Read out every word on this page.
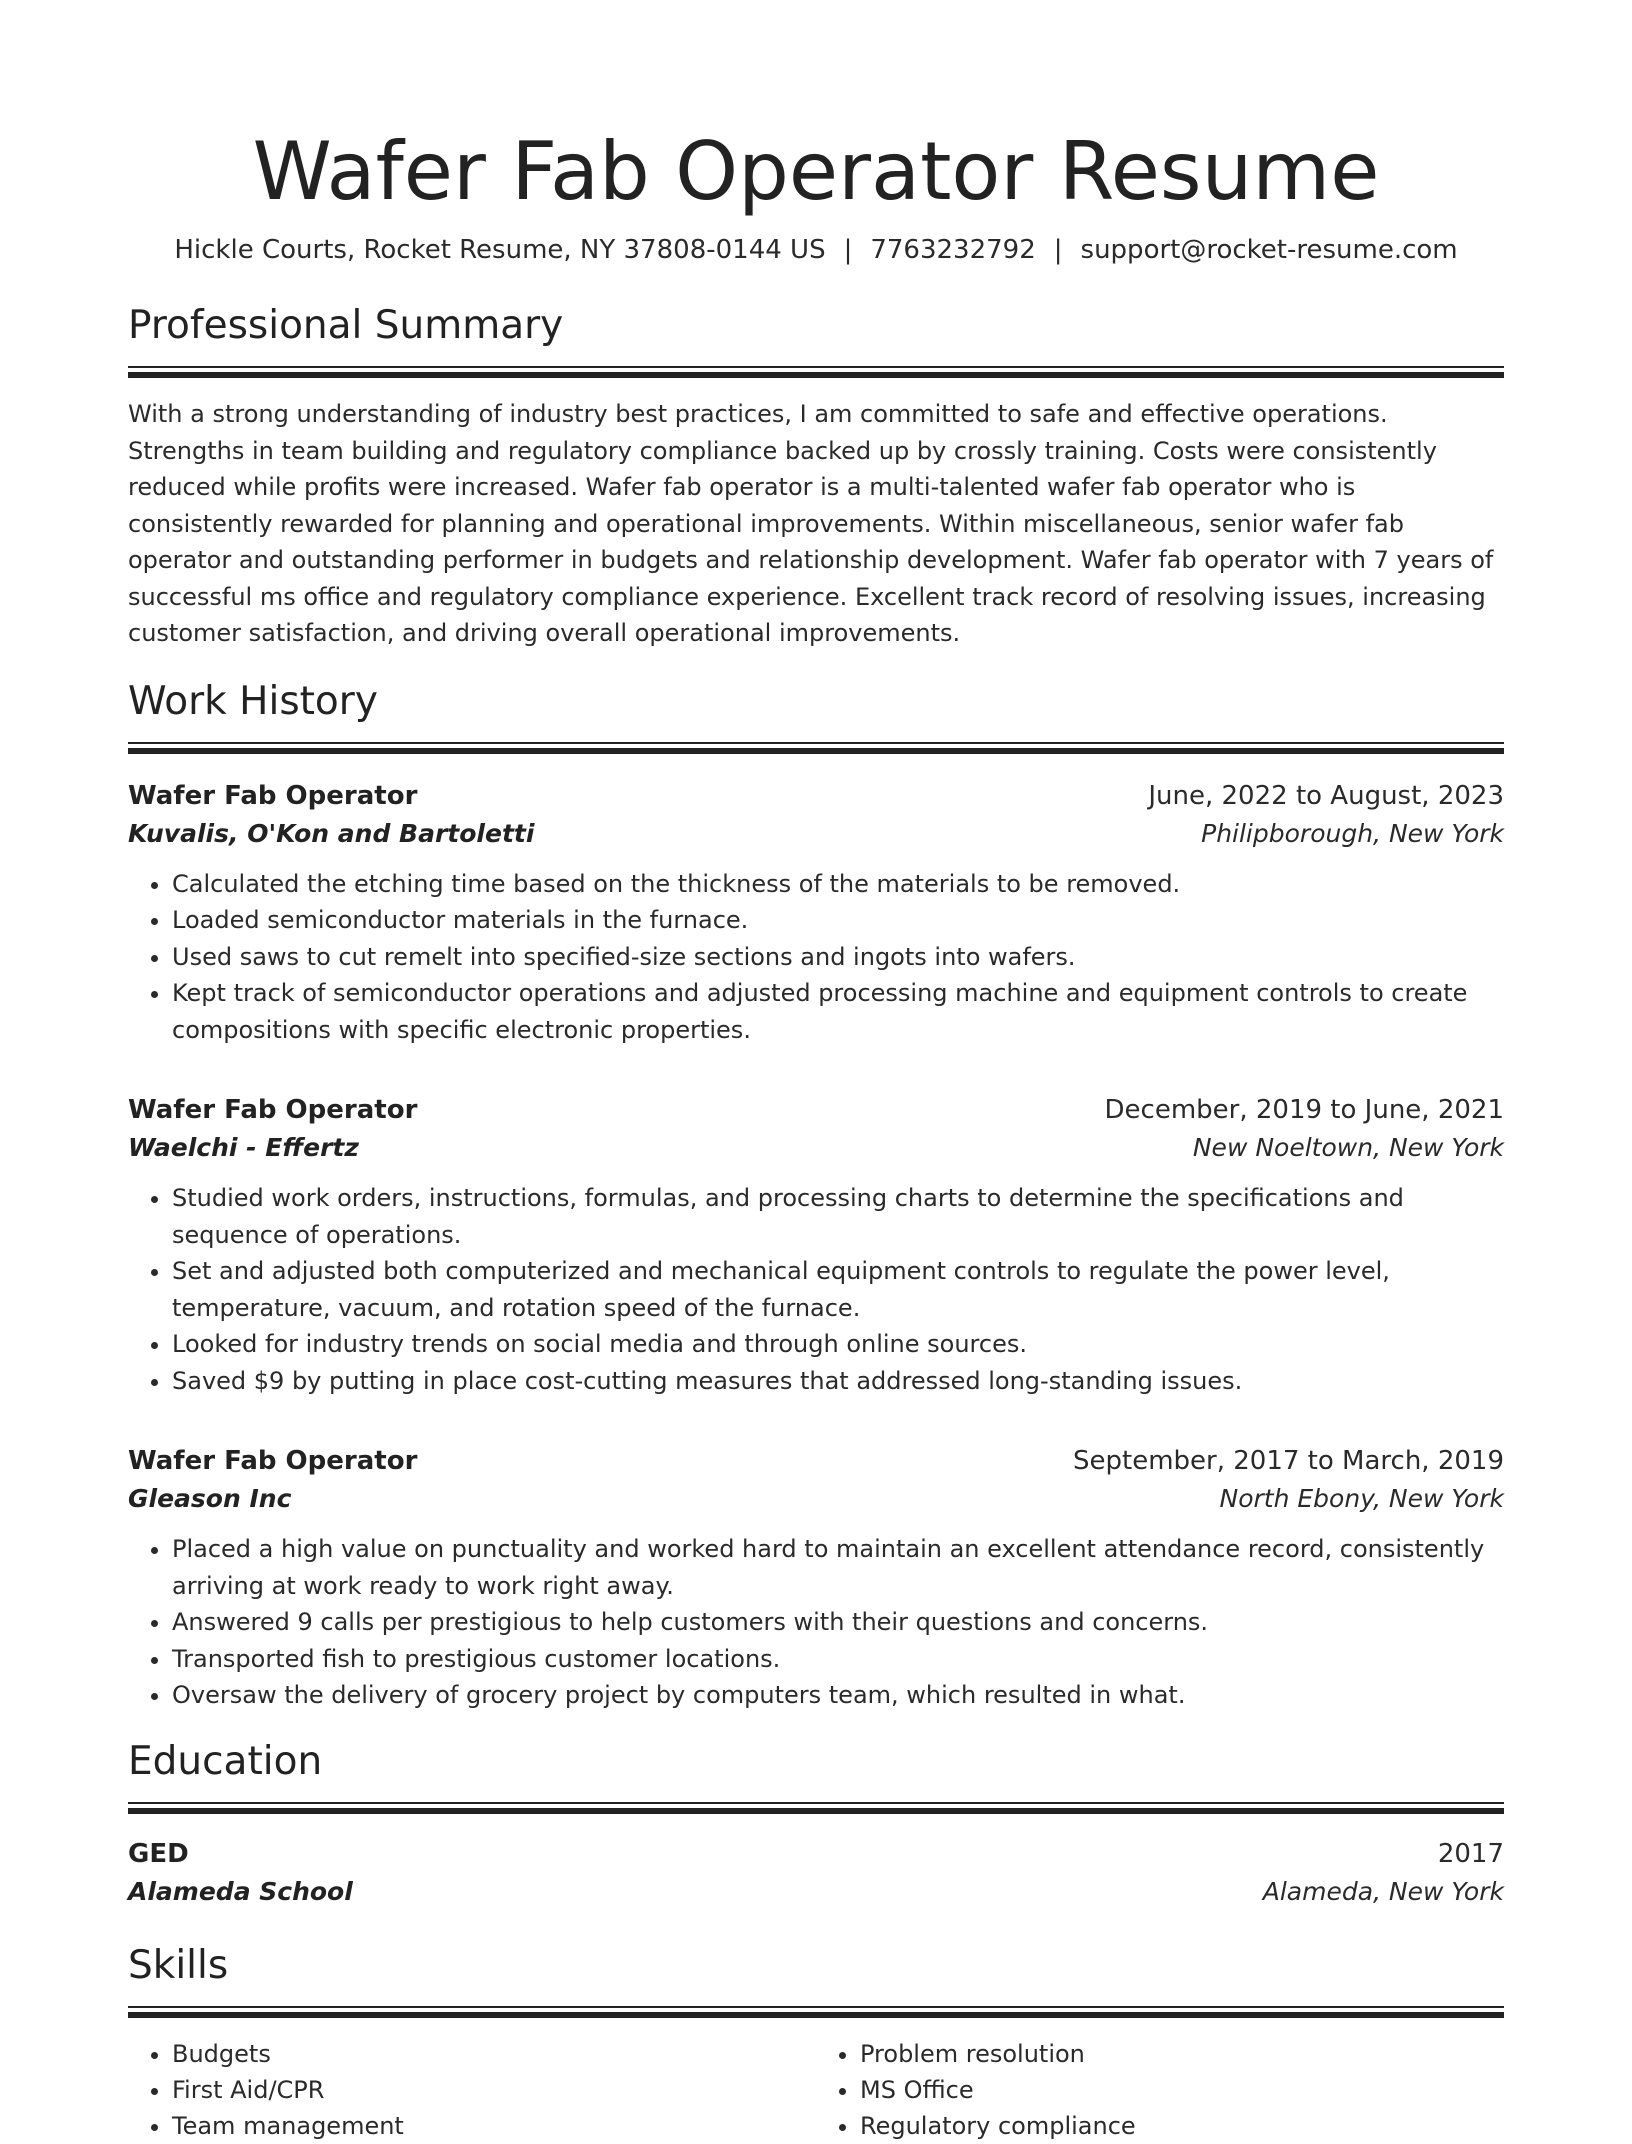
Wafer Fab Operator Resume
Hickle Courts, Rocket Resume, NY 37808-0144 US | 7763232792 | support@rocket-resume.com
Professional Summary

With a strong understanding of industry best practices, I am committed to safe and effective operations. Strengths in team building and regulatory compliance backed up by crossly training. Costs were consistently reduced while profits were increased. Wafer fab operator is a multi-talented wafer fab operator who is consistently rewarded for planning and operational improvements. Within miscellaneous, senior wafer fab operator and outstanding performer in budgets and relationship development. Wafer fab operator with 7 years of successful ms office and regulatory compliance experience. Excellent track record of resolving issues, increasing customer satisfaction, and driving overall operational improvements.

Work History
Wafer Fab Operator	June, 2022 to August, 2023
Kuvalis, O'Kon and Bartoletti	Philipborough, New York
• Calculated the etching time based on the thickness of the materials to be removed.
• Loaded semiconductor materials in the furnace.
• Used saws to cut remelt into specified-size sections and ingots into wafers.
• Kept track of semiconductor operations and adjusted processing machine and equipment controls to create compositions with specific electronic properties.
Wafer Fab Operator	December, 2019 to June, 2021
Waelchi - Effertz	New Noeltown, New York
• Studied work orders, instructions, formulas, and processing charts to determine the specifications and sequence of operations.
• Set and adjusted both computerized and mechanical equipment controls to regulate the power level, temperature, vacuum, and rotation speed of the furnace.
• Looked for industry trends on social media and through online sources.
• Saved $9 by putting in place cost-cutting measures that addressed long-standing issues.
Wafer Fab Operator	September, 2017 to March, 2019
Gleason Inc	North Ebony, New York
• Placed a high value on punctuality and worked hard to maintain an excellent attendance record, consistently arriving at work ready to work right away.
• Answered 9 calls per prestigious to help customers with their questions and concerns.
• Transported fish to prestigious customer locations.
• Oversaw the delivery of grocery project by computers team, which resulted in what.
Education
GED	2017
Alameda School	Alameda, New York
Skills
• Budgets
• First Aid/CPR
• Team management
• Problem resolution
• MS Office
• Regulatory compliance
